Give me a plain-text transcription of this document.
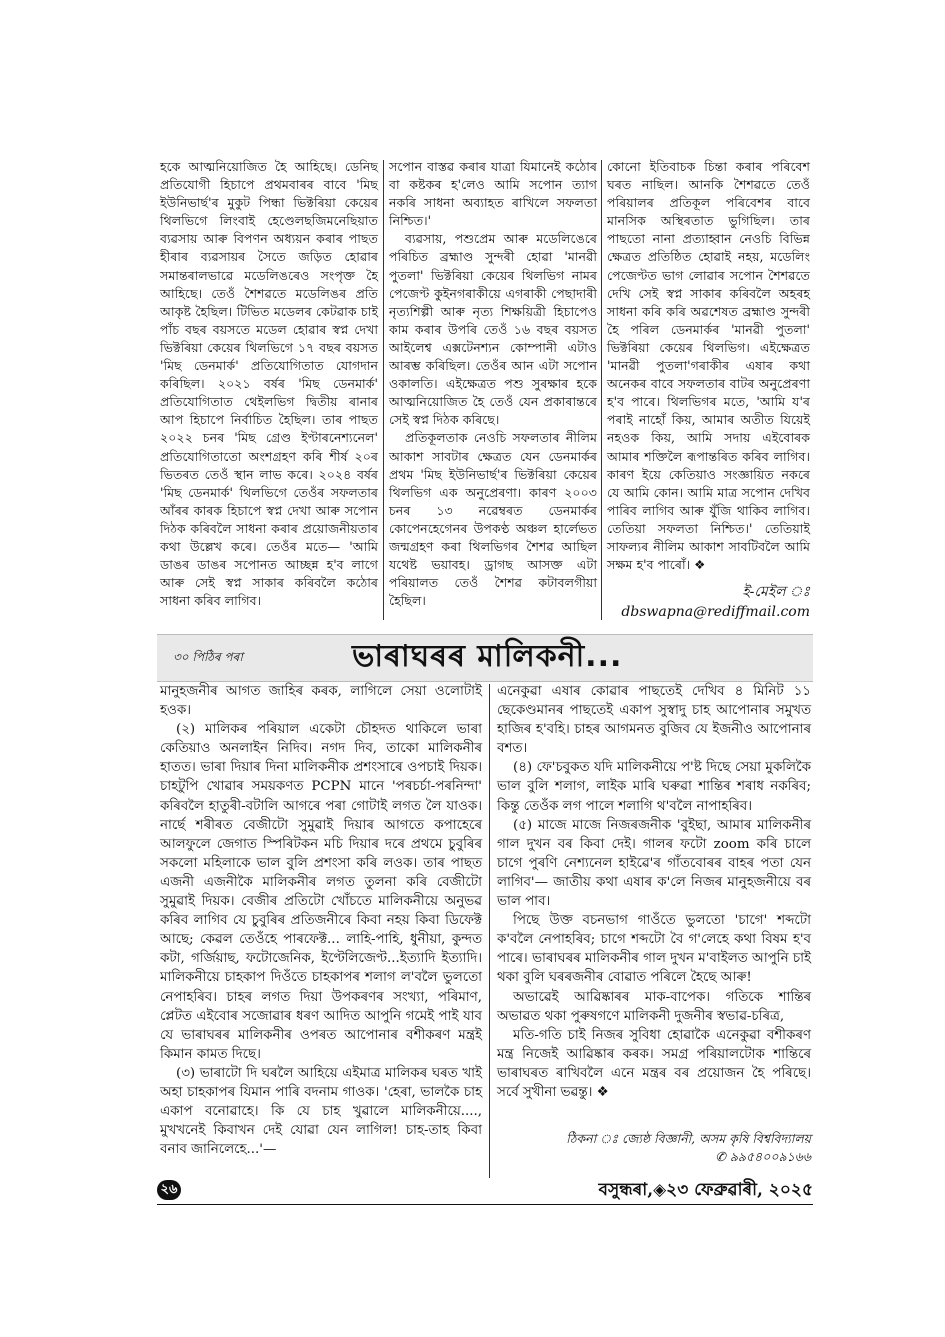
হকে আত্মনিয়োজিত হৈ আহিছে। ডেনিছ প্ৰতিযোগী হিচাপে প্ৰথমবাৰৰ বাবে 'মিছ ইউনিভাৰ্ছ'ৰ মুকুট পিন্ধা ভিক্টৰিয়া কেয়েৰ থিলভিগে লিংবাই হেণ্ডেলছজিমনেছিয়াত ব্যৱসায় আৰু বিপণন অধ্যয়ন কৰাৰ পাছত হীৰাৰ ব্যৱসায়ৰ সৈতে জড়িত হোৱাৰ সমান্তৰালভাৱে মডেলিঙৰেও সংপৃক্ত হৈ আহিছে। তেওঁ শৈশৱতে মডেলিঙৰ প্ৰতি আকৃষ্ট হৈছিল। টিভিত মডেলৰ কেটৱাক চাই পাঁচ বছৰ বয়সতে মডেল হোৱাৰ স্বপ্ন দেখা ভিক্টৰিয়া কেয়েৰ থিলভিগে ১৭ বছৰ বয়সত 'মিছ ডেনমাৰ্ক' প্ৰতিযোগিতাত যোগদান কৰিছিল। ২০২১ বৰ্ষৰ 'মিছ ডেনমাৰ্ক' প্ৰতিযোগিতাত থেইলভিগ দ্বিতীয় ৰানাৰ আপ হিচাপে নিৰ্বাচিত হৈছিল। তাৰ পাছত ২০২২ চনৰ 'মিছ গ্ৰেণ্ড ইণ্টাৰনেশ্যনেল' প্ৰতিযোগিতাতো অংশগ্ৰহণ কৰি শীৰ্ষ ২০ৰ ভিতৰত তেওঁ স্থান লাভ কৰে। ২০২৪ বৰ্ষৰ 'মিছ ডেনমাৰ্ক' থিলভিগে তেওঁৰ সফলতাৰ আঁৰৰ কাৰক হিচাপে স্বপ্ন দেখা আৰু সপোন দিঠক কৰিবলৈ সাধনা কৰাৰ প্ৰয়োজনীয়তাৰ কথা উল্লেখ কৰে। তেওঁৰ মতে— 'আমি ডাঙৰ ডাঙৰ সপোনত আচ্ছন্ন হ'ব লাগে আৰু সেই স্বপ্ন সাকাৰ কৰিবলৈ কঠোৰ সাধনা কৰিব লাগিব।

সপোন বাস্তৱ কৰাৰ যাত্ৰা যিমানেই কঠোৰ বা কষ্টকৰ হ'লেও আমি সপোন ত্যাগ নকৰি সাধনা অব্যাহত ৰাখিলে সফলতা নিশ্চিত।'

ব্যৱসায়, পশুপ্ৰেম আৰু মডেলিঙেৰে পৰিচিত ব্ৰহ্মাণ্ড সুন্দৰী হোৱা 'মানৱী পুতলা' ভিক্টৰিয়া কেয়েৰ থিলভিগ নামৰ পেজেণ্ট কুইনগৰাকীয়ে এগৰাকী পেছাদাৰী নৃত্যশিল্পী আৰু নৃত্য শিক্ষয়িত্ৰী হিচাপেও কাম কৰাৰ উপৰি তেওঁ ১৬ বছৰ বয়সত আইলেশ্ব এক্সটেনশ্যন কোম্পানী এটাও আৰম্ভ কৰিছিল। তেওঁৰ আন এটা সপোন ওকালতি। এইক্ষেত্ৰত পশু সুৰক্ষাৰ হকে আত্মনিয়োজিত হৈ তেওঁ যেন প্ৰকাৰান্তৰে সেই স্বপ্ন দিঠক কৰিছে।

প্ৰতিকূলতাক নেওচি সফলতাৰ নীলিম আকাশ সাবটাৰ ক্ষেত্ৰত যেন ডেনমাৰ্কৰ প্ৰথম 'মিছ ইউনিভাৰ্ছ'ৰ ভিক্টৰিয়া কেয়েৰ থিলভিগ এক অনুপ্ৰেৰণা। কাৰণ ২০০৩ চনৰ ১৩ নৱেম্বৰত ডেনমাৰ্কৰ কোপেনহেগেনৰ উপকণ্ঠ অঞ্চল হাৰ্লেভত জন্মগ্ৰহণ কৰা থিলভিগৰ শৈশৱ আছিল যথেষ্ট ভয়াবহ। ড্ৰাগছ আসক্ত এটা পৰিয়ালত তেওঁ শৈশৱ কটাবলগীয়া হৈছিল।

কোনো ইতিবাচক চিন্তা কৰাৰ পৰিবেশ ঘৰত নাছিল। আনকি শৈশৱতে তেওঁ পৰিয়ালৰ প্ৰতিকূল পৰিবেশৰ বাবে মানসিক অস্থিৰতাত ভুগিছিল। তাৰ পাছতো নানা প্ৰত্যাহ্বান নেওচি বিভিন্ন ক্ষেত্ৰত প্ৰতিষ্ঠিত হোৱাই নহয়, মডেলিং পেজেণ্টত ভাগ লোৱাৰ সপোন শৈশৱতে দেখি সেই স্বপ্ন সাকাৰ কৰিবলৈ অহৰহ সাধনা কৰি কৰি অৱশেষত ব্ৰহ্মাণ্ড সুন্দৰী হৈ পৰিল ডেনমাৰ্কৰ 'মানৱী পুতলা' ভিক্টৰিয়া কেয়েৰ থিলভিগ। এইক্ষেত্ৰত 'মানৱী পুতলা'গৰাকীৰ এষাৰ কথা অনেকৰ বাবে সফলতাৰ বাটৰ অনুপ্ৰেৰণা হ'ব পাৰে। থিলভিগৰ মতে, 'আমি য'ৰ পৰাই নাহোঁ কিয়, আমাৰ অতীত যিয়েই নহওক কিয়, আমি সদায় এইবোৰক আমাৰ শক্তিলৈ ৰূপান্তৰিত কৰিব লাগিব। কাৰণ ইয়ে কেতিয়াও সংজ্ঞায়িত নকৰে যে আমি কোন। আমি মাত্ৰ সপোন দেখিব পাৰিব লাগিব আৰু যুঁজি থাকিব লাগিব। তেতিয়া সফলতা নিশ্চিত।' তেতিয়াই সাফল্যৰ নীলিম আকাশ সাবটিবলৈ আমি সক্ষম হ'ব পাৰোঁ। ❖

ই-মেইল ঃ
dbswapna@rediffmail.com
৩০ পিঠিৰ পৰা	ভাৰাঘৰৰ মালিকনী...

মানুহজনীৰ আগত জাহিৰ কৰক, লাগিলে সেয়া ওলোটাই হওক।

(২) মালিকৰ পৰিয়াল একেটা চৌহদত থাকিলে ভাৰা কেতিয়াও অনলাইন নিদিব। নগদ দিব, তাকো মালিকনীৰ হাতত। ভাৰা দিয়াৰ দিনা মালিকনীক প্ৰশংসাৰে ওপচাই দিয়ক। চাহটুপি খোৱাৰ সময়কণত PCPN মানে 'পৰচৰ্চা-পৰনিন্দা' কৰিবলৈ হাতুৰী-বটালি আগৰে পৰা গোটাই লগত লৈ যাওক। নাৰ্ছে শৰীৰত বেজীটো সুমুৱাই দিয়াৰ আগতে কপাহেৰে আলফুলে জেগাত স্পিৰিটকন মচি দিয়াৰ দৰে প্ৰথমে চুবুৰিৰ সকলো মহিলাকে ভাল বুলি প্ৰশংসা কৰি লওক। তাৰ পাছত এজনী এজনীকৈ মালিকনীৰ লগত তুলনা কৰি বেজীটো সুমুৱাই দিয়ক। বেজীৰ প্ৰতিটো খোঁচতে মালিকনীয়ে অনুভৱ কৰিব লাগিব যে চুবুৰিৰ প্ৰতিজনীৰে কিবা নহয় কিবা ডিফেক্ট আছে; কেৱল তেওঁহে পাৰফেক্ট... লাহি-পাহি, ধুনীয়া, কুন্দত কটা, গৰ্জিয়াছ, ফটোজেনিক, ইণ্টেলিজেণ্ট...ইত্যাদি ইত্যাদি। মালিকনীয়ে চাহকাপ দিওঁতে চাহকাপৰ শলাগ ল'বলৈ ভুলতো নেপাহৰিব। চাহৰ লগত দিয়া উপকৰণৰ সংখ্যা, পৰিমাণ, প্লেটত এইবোৰ সজোৱাৰ ধৰণ আদিত আপুনি গমেই পাই যাব যে ভাৰাঘৰৰ মালিকনীৰ ওপৰত আপোনাৰ বশীকৰণ মন্ত্ৰই কিমান কামত দিছে।

(৩) ভাৰাটো দি ঘৰলৈ আহিয়ে এইমাত্ৰ মালিকৰ ঘৰত খাই অহা চাহকাপৰ যিমান পাৰি বদনাম গাওক। 'হেৰা, ভালকৈ চাহ একাপ বনোৱাহে। কি যে চাহ খুৱালে মালিকনীয়ে...., মুখখনেই কিবাখন দেই যোৱা যেন লাগিল! চাহ-তাহ কিবা বনাব জানিলেহে...'—

এনেকুৱা এষাৰ কোৱাৰ পাছতেই দেখিব ৪ মিনিট ১১ ছেকেণ্ডমানৰ পাছতেই একাপ সুস্বাদু চাহ আপোনাৰ সমুখত হাজিৰ হ'বহি। চাহৰ আগমনত বুজিব যে ইজনীও আপোনাৰ বশত।

(৪) ফে'চবুকত যদি মালিকনীয়ে প'ষ্ট দিছে সেয়া মুকলিকৈ ভাল বুলি শলাগ, লাইক মাৰি ঘৰুৱা শান্তিৰ শৰাধ নকৰিব; কিন্তু তেওঁক লগ পালে শলাগি থ'বলৈ নাপাহৰিব।

(৫) মাজে মাজে নিজৰজনীক 'বুইছা, আমাৰ মালিকনীৰ গাল দুখন বৰ কিবা দেই। গালৰ ফটো zoom কৰি চালে চাগে পুৰণি নেশ্যনেল হাইৱে'ৰ গাঁতবোৰৰ বাহৰ পতা যেন লাগিব'— জাতীয় কথা এষাৰ ক'লে নিজৰ মানুহজনীয়ে বৰ ভাল পাব।

পিছে উক্ত বচনভাগ গাওঁতে ভুলতো 'চাগে' শব্দটো ক'বলৈ নেপাহৰিব; চাগে শব্দটো বৈ গ'লেহে কথা বিষম হ'ব পাৰে। ভাৰাঘৰৰ মালিকনীৰ গাল দুখন ম'বাইলত আপুনি চাই থকা বুলি ঘৰৰজনীৰ বোৱাত পৰিলে হৈছে আৰু!

অভাৱেই আৱিষ্কাৰৰ মাক-বাপেক। গতিকে শান্তিৰ অভাৱত থকা পুৰুষগণে মালিকনী দুজনীৰ স্বভাৱ-চৰিত্ৰ,

মতি-গতি চাই নিজৰ সুবিধা হোৱাকৈ এনেকুৱা বশীকৰণ মন্ত্ৰ নিজেই আৱিষ্কাৰ কৰক। সমগ্ৰ পৰিয়ালটোক শান্তিৰে ভাৰাঘৰত ৰাখিবলৈ এনে মন্ত্ৰৰ বৰ প্ৰয়োজন হৈ পৰিছে। সৰ্বে সুখীনা ভৱন্তু। ❖

ঠিকনা ঃ জ্যেষ্ঠ বিজ্ঞানী, অসম কৃষি বিশ্ববিদ্যালয়
✆ ৯৯৫৪০০৯১৬৬
২৬	বসুন্ধৰা,◈২৩ ফেব্ৰুৱাৰী, ২০২৫
